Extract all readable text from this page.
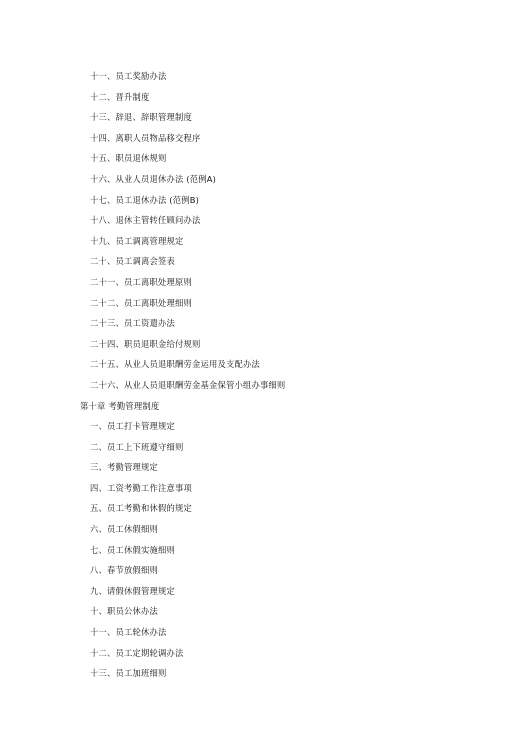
十一、员工奖励办法
十二、晋升制度
十三、辞退、辞职管理制度
十四、离职人员物品移交程序
十五、职员退休规则
十六、从业人员退休办法 (范例A)
十七、员工退休办法 (范例B)
十八、退休主管转任顾问办法
十九、员工调离管理规定
二十、员工调离会签表
二十一、员工离职处理原则
二十二、员工离职处理细则
二十三、员工资遣办法
二十四、职员退职金给付规则
二十五、从业人员退职酬劳金运用及支配办法
二十六、从业人员退职酬劳金基金保管小组办事细则
第十章 考勤管理制度
一、员工打卡管理规定
二、员工上下班遵守细则
三、考勤管理规定
四、工资考勤工作注意事项
五、员工考勤和休假的规定
六、员工休假细则
七、员工休假实施细则
八、春节放假细则
九、请假休假管理规定
十、职员公休办法
十一、员工轮休办法
十二、员工定期轮调办法
十三、员工加班细则
